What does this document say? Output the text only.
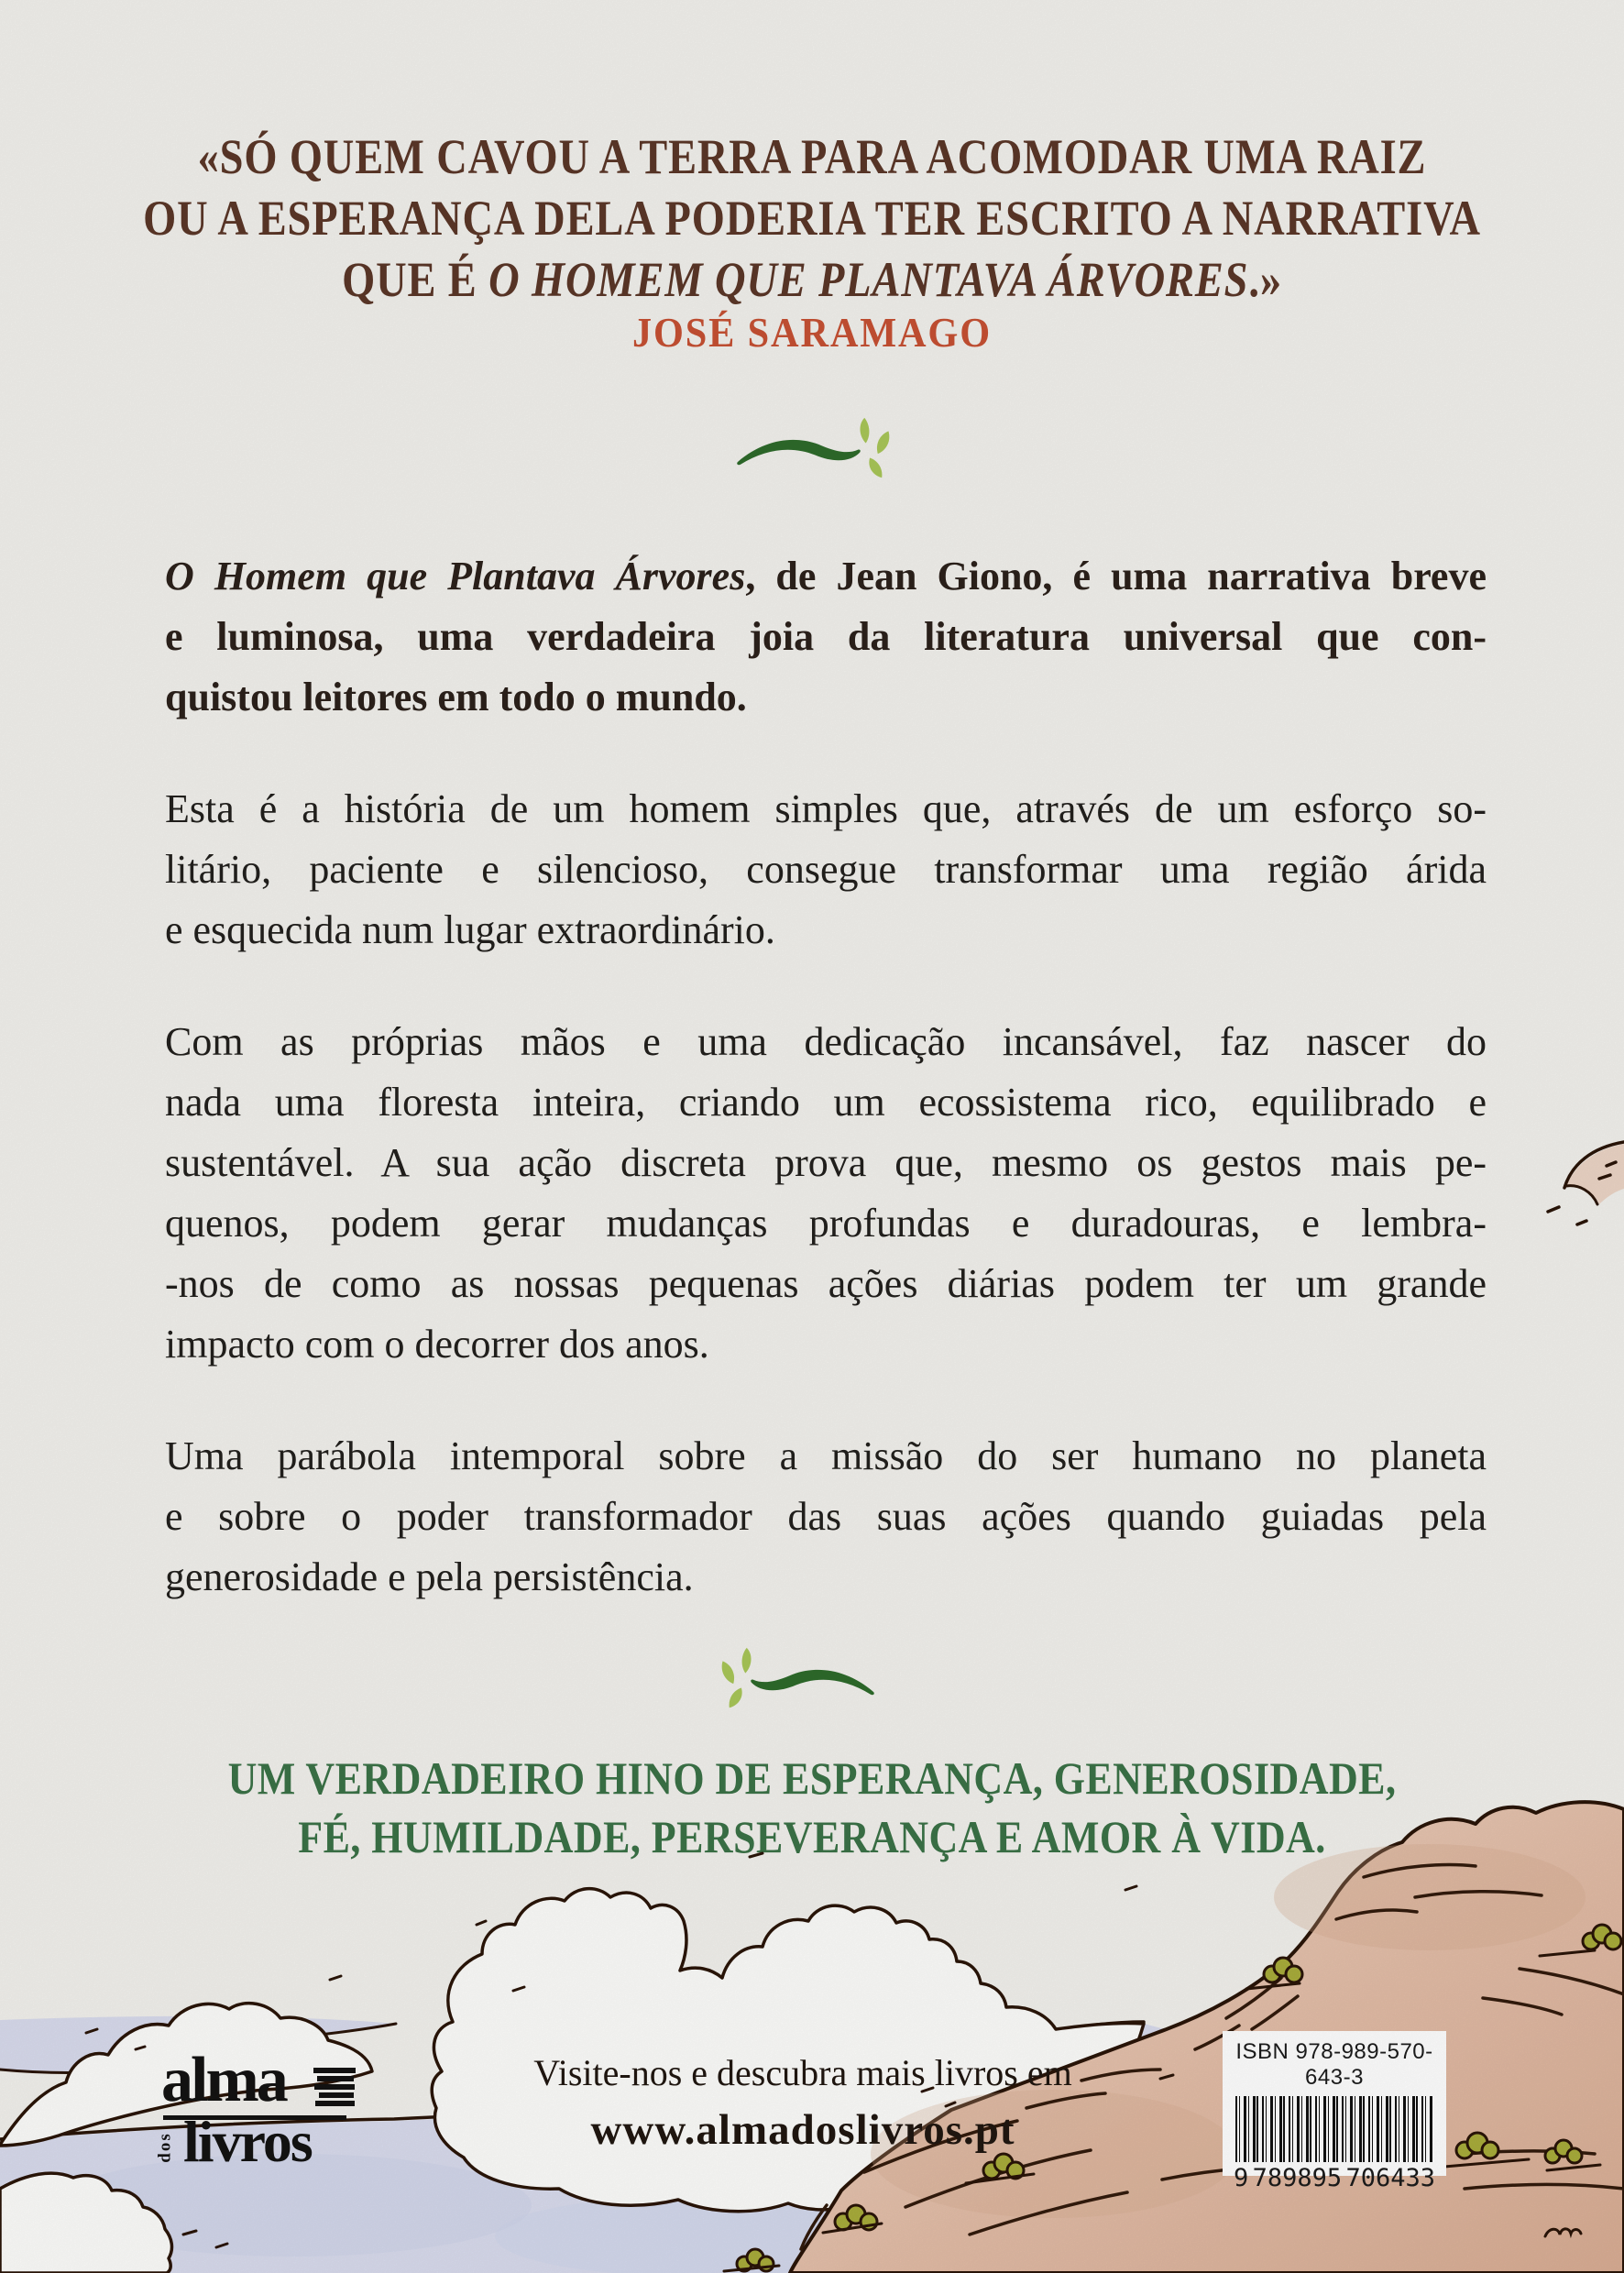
«SÓ QUEM CAVOU A TERRA PARA ACOMODAR UMA RAIZ
OU A ESPERANÇA DELA PODERIA TER ESCRITO A NARRATIVA
QUE É O HOMEM QUE PLANTAVA ÁRVORES.»
JOSÉ SARAMAGO
O Homem que Plantava Árvores, de Jean Giono, é uma narrativa breve
e luminosa, uma verdadeira joia da literatura universal que con-
quistou leitores em todo o mundo.
Esta é a história de um homem simples que, através de um esforço so-
litário, paciente e silencioso, consegue transformar uma região árida
e esquecida num lugar extraordinário.
Com as próprias mãos e uma dedicação incansável, faz nascer do
nada uma floresta inteira, criando um ecossistema rico, equilibrado e
sustentável. A sua ação discreta prova que, mesmo os gestos mais pe-
quenos, podem gerar mudanças profundas e duradouras, e lembra-
-nos de como as nossas pequenas ações diárias podem ter um grande
impacto com o decorrer dos anos.
Uma parábola intemporal sobre a missão do ser humano no planeta
e sobre o poder transformador das suas ações quando guiadas pela
generosidade e pela persistência.
UM VERDADEIRO HINO DE ESPERANÇA, GENEROSIDADE,
FÉ, HUMILDADE, PERSEVERANÇA E AMOR À VIDA.
alma
dos livros
Visite-nos e descubra mais livros em
www.almadoslivros.pt
ISBN 978-989-570-643-3
9 789895 706433
